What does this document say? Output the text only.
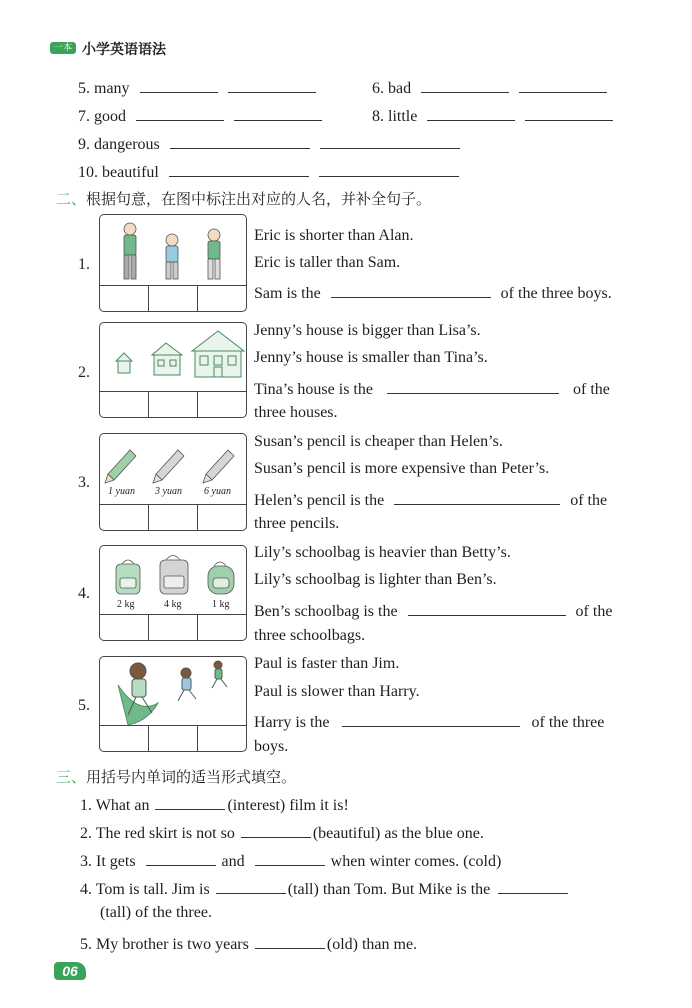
一本 小学英语语法
5. many	6. bad
7. good	8. little
9. dangerous
10. beautiful
二、根据句意，在图中标注出对应的人名，并补全句子。
1.
Eric is shorter than Alan.
Eric is taller than Sam.
Sam is the	of the three boys.
2.
Jenny’s house is bigger than Lisa’s.
Jenny’s house is smaller than Tina’s.
Tina’s house is the	of the
three houses.
3.
1 yuan 3 yuan 6 yuan
Susan’s pencil is cheaper than Helen’s.
Susan’s pencil is more expensive than Peter’s.
Helen’s pencil is the	of the
three pencils.
4.
2 kg	4 kg	1 kg
Lily’s schoolbag is heavier than Betty’s.
Lily’s schoolbag is lighter than Ben’s.
Ben’s schoolbag is the	of the
three schoolbags.
5.
Paul is faster than Jim.
Paul is slower than Harry.
Harry is the	of the three
boys.
三、用括号内单词的适当形式填空。
1. What an	(interest) film it is!
2. The red skirt is not so	(beautiful) as the blue one.
3. It gets	and	when winter comes. (cold)
4. Tom is tall. Jim is	(tall) than Tom. But Mike is the
(tall) of the three.
5. My brother is two years	(old) than me.
06
